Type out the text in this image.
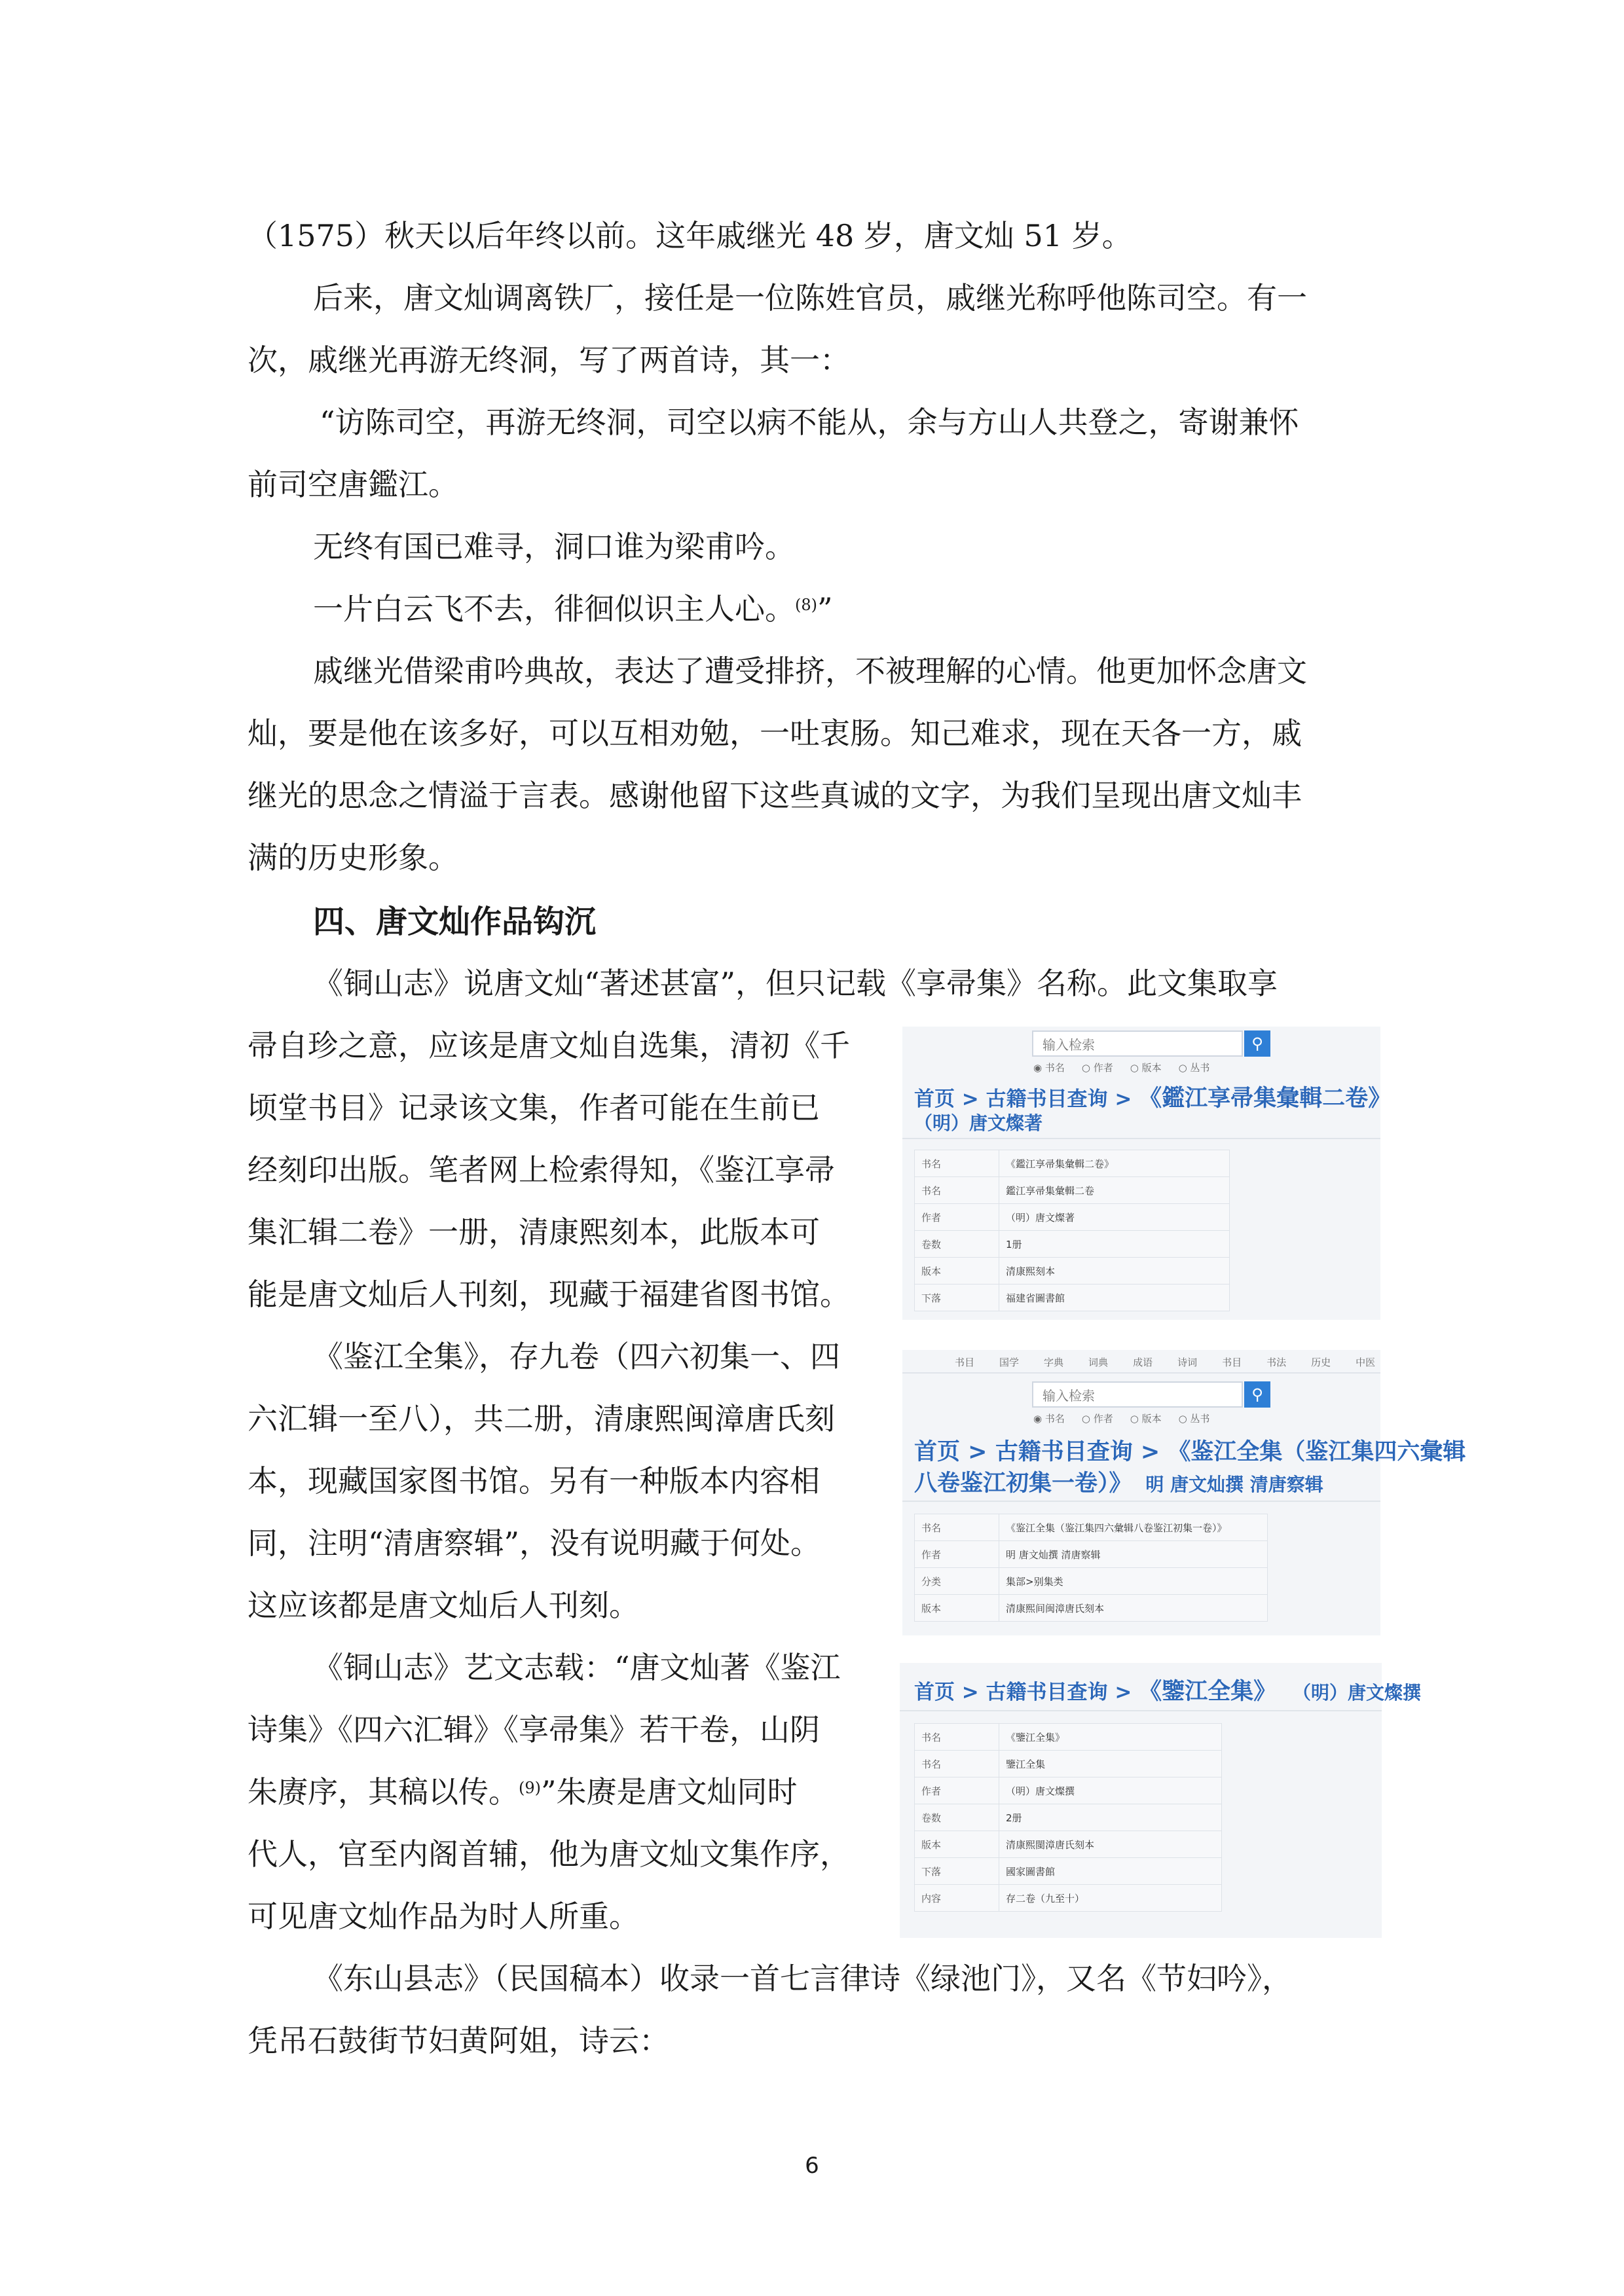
（1575）秋天以后年终以前。这年戚继光 48 岁，唐文灿 51 岁。
后来，唐文灿调离铁厂，接任是一位陈姓官员，戚继光称呼他陈司空。有一
次，戚继光再游无终洞，写了两首诗，其一：
“访陈司空，再游无终洞，司空以病不能从，余与方山人共登之，寄谢兼怀
前司空唐鑑江。
无终有国已难寻，洞口谁为梁甫吟。
一片白云飞不去，徘徊似识主人心。$^{(8)}$”
戚继光借梁甫吟典故，表达了遭受排挤，不被理解的心情。他更加怀念唐文
灿，要是他在该多好，可以互相劝勉，一吐衷肠。知己难求，现在天各一方，戚
继光的思念之情溢于言表。感谢他留下这些真诚的文字，为我们呈现出唐文灿丰
满的历史形象。
四、唐文灿作品钩沉
《铜山志》说唐文灿“著述甚富”，但只记载《享帚集》名称。此文集取享
帚自珍之意，应该是唐文灿自选集，清初《千
顷堂书目》记录该文集，作者可能在生前已
经刻印出版。笔者网上检索得知，《鉴江享帚
集汇辑二卷》一册，清康熙刻本，此版本可
能是唐文灿后人刊刻，现藏于福建省图书馆。
《鉴江全集》，存九卷（四六初集一、四
六汇辑一至八），共二册，清康熙闽漳唐氏刻
本，现藏国家图书馆。另有一种版本内容相
同，注明“清唐察辑”，没有说明藏于何处。
这应该都是唐文灿后人刊刻。
《铜山志》艺文志载：“唐文灿著《鉴江
诗集》《四六汇辑》《享帚集》若干卷，山阴
朱赓序，其稿以传。$^{(9)}$”朱赓是唐文灿同时
代人，官至内阁首辅，他为唐文灿文集作序，
可见唐文灿作品为时人所重。
《东山县志》（民国稿本）收录一首七言律诗《绿池门》，又名《节妇吟》，
凭吊石鼓街节妇黄阿姐，诗云：
输入检索	⚲
◉ 书名 ○ 作者 ○ 版本 ○ 丛书
首页 > 古籍书目查询 > 《鑑江享帚集彙輯二卷》
（明）唐文燦著
书名	《鑑江享帚集彙輯二卷》
书名	鑑江享帚集彙輯二卷
作者	（明）唐文燦著
卷数	1册
版本	清康熙刻本
下落	福建省圖書館
书目	国学	字典	词典	成语	诗词	书目	书法	历史	中医
输入检索	⚲
◉ 书名 ○ 作者 ○ 版本 ○ 丛书
首页 > 古籍书目查询 > 《鉴江全集（鉴江集四六彙辑
八卷鉴江初集一卷）》 明 唐文灿撰 清唐察辑
书名	《鉴江全集（鉴江集四六彙辑八卷鉴江初集一卷）》
作者	明 唐文灿撰 清唐察辑
分类	集部>别集类
版本	清康熙间闽漳唐氏刻本
首页 > 古籍书目查询 > 《鑒江全集》 （明）唐文燦撰
书名	《鑒江全集》
书名	鑒江全集
作者	（明）唐文燦撰
卷数	2册
版本	清康熙閩漳唐氏刻本
下落	國家圖書館
内容	存二卷（九至十）
6
